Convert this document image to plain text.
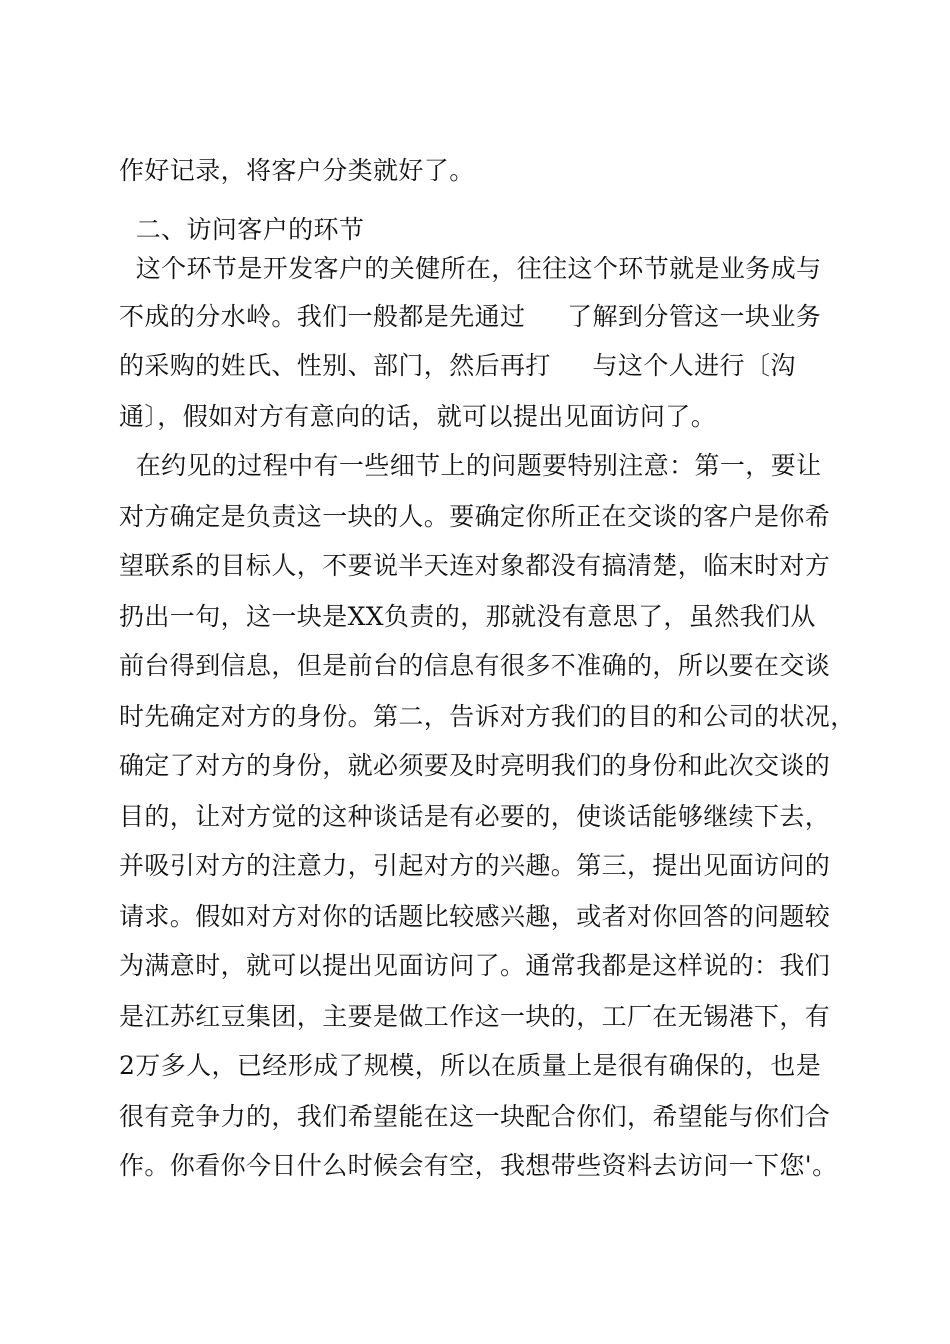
作好记录，将客户分类就好了。
二、访问客户的环节
这个环节是开发客户的关健所在，往往这个环节就是业务成与
不成的分水岭。我们一般都是先通过     了解到分管这一块业务
的采购的姓氏、性别、部门，然后再打     与这个人进行〔沟
通〕，假如对方有意向的话，就可以提出见面访问了。
在约见的过程中有一些细节上的问题要特别注意：第一，要让
对方确定是负责这一块的人。要确定你所正在交谈的客户是你希
望联系的目标人，不要说半天连对象都没有搞清楚，临末时对方
扔出一句，这一块是XX负责的，那就没有意思了，虽然我们从
前台得到信息，但是前台的信息有很多不准确的，所以要在交谈
时先确定对方的身份。第二，告诉对方我们的目的和公司的状况，
确定了对方的身份，就必须要及时亮明我们的身份和此次交谈的
目的，让对方觉的这种谈话是有必要的，使谈话能够继续下去，
并吸引对方的注意力，引起对方的兴趣。第三，提出见面访问的
请求。假如对方对你的话题比较感兴趣，或者对你回答的问题较
为满意时，就可以提出见面访问了。通常我都是这样说的：我们
是江苏红豆集团，主要是做工作这一块的，工厂在无锡港下，有
2万多人，已经形成了规模，所以在质量上是很有确保的，也是
很有竞争力的，我们希望能在这一块配合你们，希望能与你们合
作。你看你今日什么时候会有空，我想带些资料去访问一下您'。
